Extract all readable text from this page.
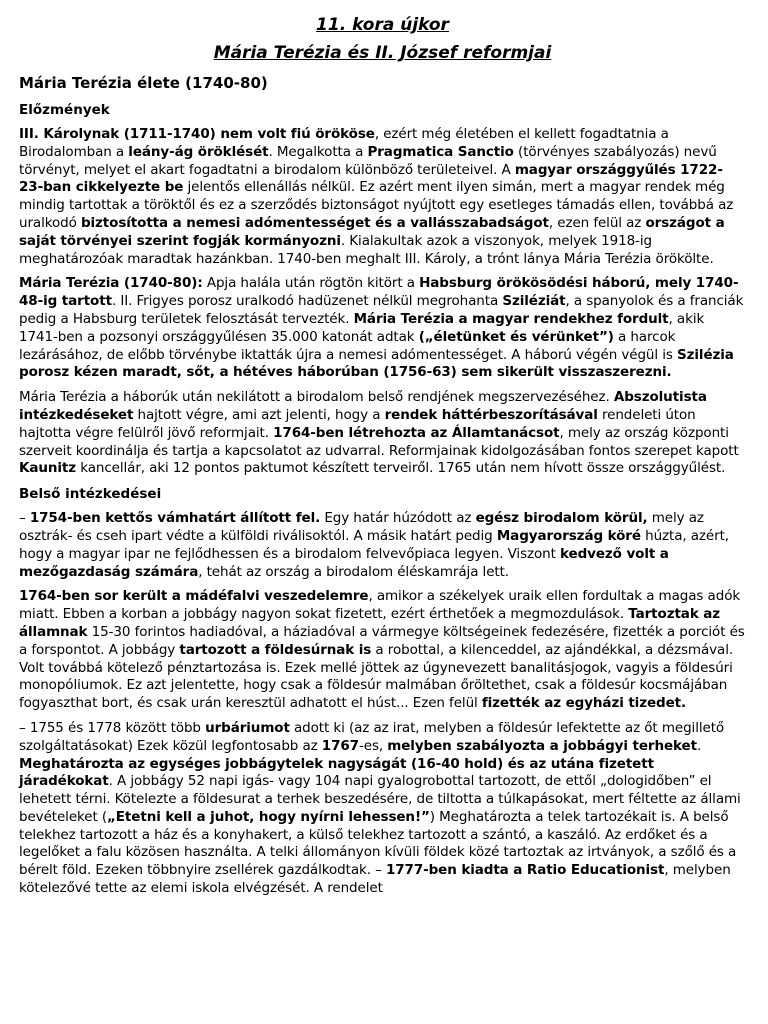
11. kora újkor
Mária Terézia és II. József reformjai
Mária Terézia élete (1740-80)
Előzmények

III. Károlynak (1711-1740) nem volt fiú örököse, ezért még életében el kellett fogadtatnia a Birodalomban a leány-ág öröklését. Megalkotta a Pragmatica Sanctio (törvényes szabályozás) nevű törvényt, melyet el akart fogadtatni a birodalom különböző területeivel. A magyar országgyűlés 1722-23-ban cikkelyezte be jelentős ellenállás nélkül. Ez azért ment ilyen simán, mert a magyar rendek még mindig tartottak a töröktől és ez a szerződés biztonságot nyújtott egy esetleges támadás ellen, továbbá az uralkodó biztosította a nemesi adómentességet és a vallásszabadságot, ezen felül az országot a saját törvényei szerint fogják kormányozni. Kialakultak azok a viszonyok, melyek 1918-ig meghatározóak maradtak hazánkban. 1740-ben meghalt III. Károly, a trónt lánya Mária Terézia örökölte.

Mária Terézia (1740-80): Apja halála után rögtön kitört a Habsburg örökösödési háború, mely 1740-48-ig tartott. II. Frigyes porosz uralkodó hadüzenet nélkül megrohanta Sziléziát, a spanyolok és a franciák pedig a Habsburg területek felosztását tervezték. Mária Terézia a magyar rendekhez fordult, akik 1741-ben a pozsonyi országgyűlésen 35.000 katonát adtak („életünket és vérünket”) a harcok lezárásához, de előbb törvénybe iktatták újra a nemesi adómentességet. A háború végén végül is Szilézia porosz kézen maradt, sőt, a hétéves háborúban (1756-63) sem sikerült visszaszerezni.

Mária Terézia a háborúk után nekilátott a birodalom belső rendjének megszervezéséhez. Abszolutista intézkedéseket hajtott végre, ami azt jelenti, hogy a rendek háttérbeszorításával rendeleti úton hajtotta végre felülről jövő reformjait. 1764-ben létrehozta az Államtanácsot, mely az ország központi szerveit koordinálja és tartja a kapcsolatot az udvarral. Reformjainak kidolgozásában fontos szerepet kapott Kaunitz kancellár, aki 12 pontos paktumot készített terveiről. 1765 után nem hívott össze országgyűlést.

Belső intézkedései

– 1754-ben kettős vámhatárt állított fel. Egy határ húzódott az egész birodalom körül, mely az osztrák- és cseh ipart védte a külföldi riválisoktól. A másik határt pedig Magyarország köré húzta, azért, hogy a magyar ipar ne fejlődhessen és a birodalom felvevőpiaca legyen. Viszont kedvező volt a mezőgazdaság számára, tehát az ország a birodalom éléskamrája lett.

1764-ben sor került a mádéfalvi veszedelemre, amikor a székelyek uraik ellen fordultak a magas adók miatt. Ebben a korban a jobbágy nagyon sokat fizetett, ezért érthetőek a megmozdulások. Tartoztak az államnak 15-30 forintos hadiadóval, a háziadóval a vármegye költségeinek fedezésére, fizették a porciót és a forspontot. A jobbágy tartozott a földesúrnak is a robottal, a kilenceddel, az ajándékkal, a dézsmával. Volt továbbá kötelező pénztartozása is. Ezek mellé jöttek az úgynevezett banalitásjogok, vagyis a földesúri monopóliumok. Ez azt jelentette, hogy csak a földesúr malmában őröltethet, csak a földesúr kocsmájában fogyaszthat bort, és csak urán keresztül adhatott el húst... Ezen felül fizették az egyházi tizedet.

– 1755 és 1778 között több urbáriumot adott ki (az az irat, melyben a földesúr lefektette az őt megillető szolgáltatásokat) Ezek közül legfontosabb az 1767-es, melyben szabályozta a jobbágyi terheket. Meghatározta az egységes jobbágytelek nagyságát (16-40 hold) és az utána fizetett járadékokat. A jobbágy 52 napi igás- vagy 104 napi gyalogrobottal tartozott, de ettől „dologidőben” el lehetett térni. Kötelezte a földesurat a terhek beszedésére, de tiltotta a túlkapásokat, mert féltette az állami bevételeket („Etetni kell a juhot, hogy nyírni lehessen!”) Meghatározta a telek tartozékait is. A belső telekhez tartozott a ház és a konyhakert, a külső telekhez tartozott a szántó, a kaszáló. Az erdőket és a legelőket a falu közösen használta. A telki állományon kívüli földek közé tartoztak az irtványok, a szőlő és a bérelt föld. Ezeken többnyire zsellérek gazdálkodtak. – 1777-ben kiadta a Ratio Educationist, melyben kötelezővé tette az elemi iskola elvégzését. A rendelet
